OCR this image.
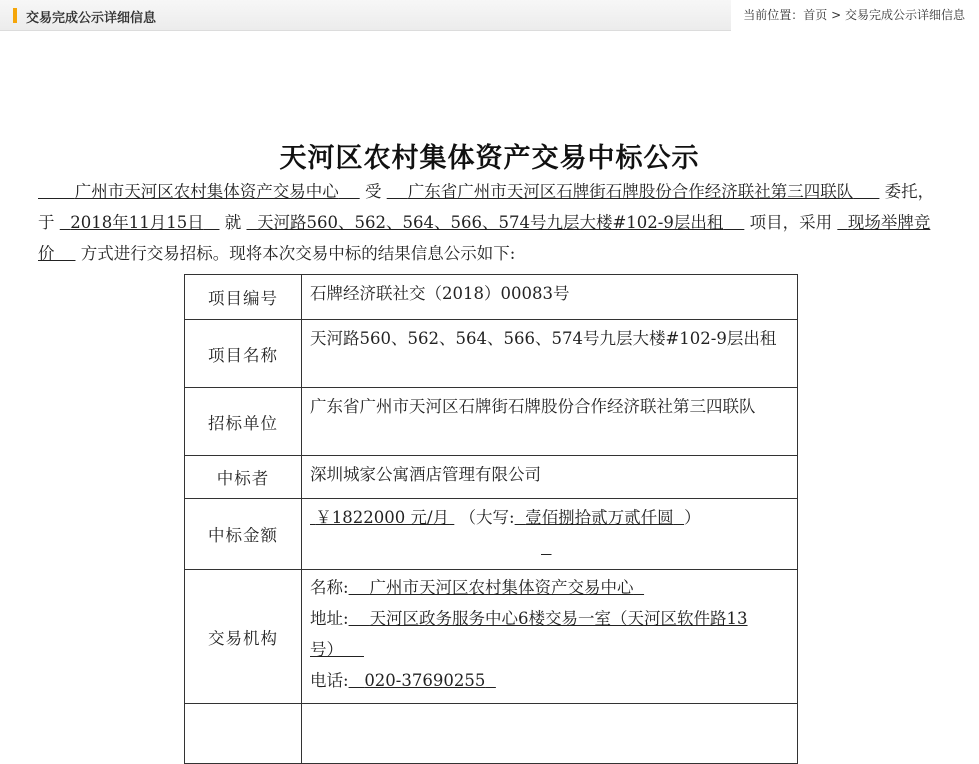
交易完成公示详细信息	当前位置：首页 > 交易完成公示详细信息
天河区农村集体资产交易中标公示
广州市天河区农村集体资产交易中心 受 广东省广州市天河区石牌街石牌股份合作经济联社第三四联队 委托，于 2018年11月15日 就 天河路560、562、564、566、574号九层大楼#102-9层出租 项目，采用 现场举牌竞价 方式进行交易招标。现将本次交易中标的结果信息公示如下:
项目编号	石牌经济联社交（2018）00083号
项目名称	天河路560、562、564、566、574号九层大楼#102-9层出租
招标单位	广东省广州市天河区石牌街石牌股份合作经济联社第三四联队
中标者	深圳城家公寓酒店管理有限公司
中标金额	￥1822000 元/月 （大写: 壹佰捌拾贰万贰仟圆 ）

交易机构	名称: 广州市天河区农村集体资产交易中心
地址: 天河区政务服务中心6楼交易一室（天河区软件路13号）
电话: 020-37690255
